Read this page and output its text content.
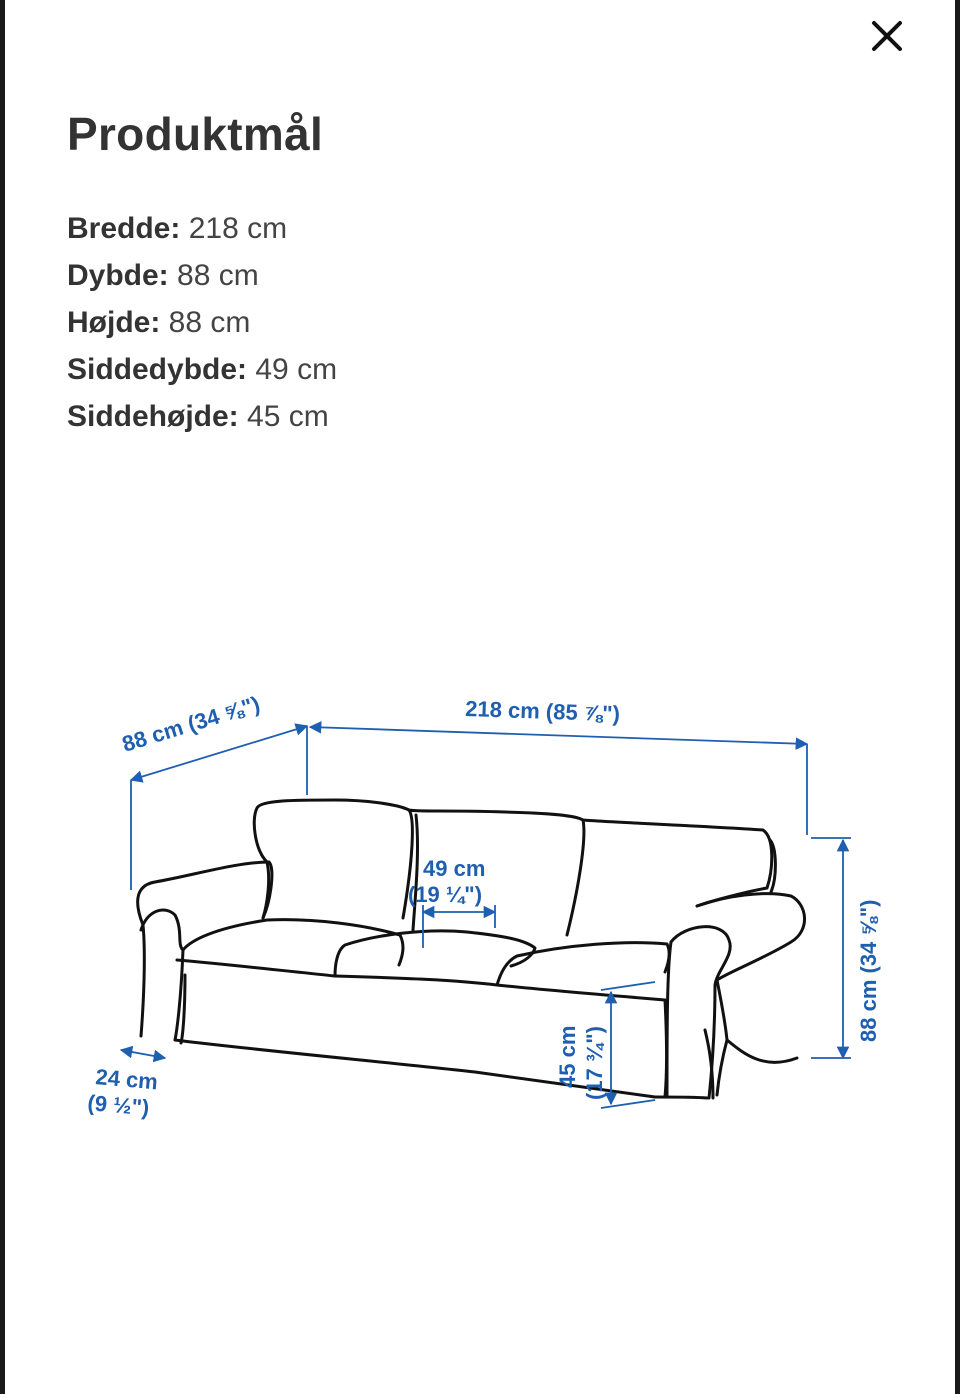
Produktmål
Bredde: 218 cm
Dybde: 88 cm
Højde: 88 cm
Siddedybde: 49 cm
Siddehøjde: 45 cm
88 cm (34 ⅝")	218 cm (85 ⅞")
49 cm
(19 ¼")
88 cm (34 ⅝")
45 cm (17 ¾")
24 cm
(9 ½")
